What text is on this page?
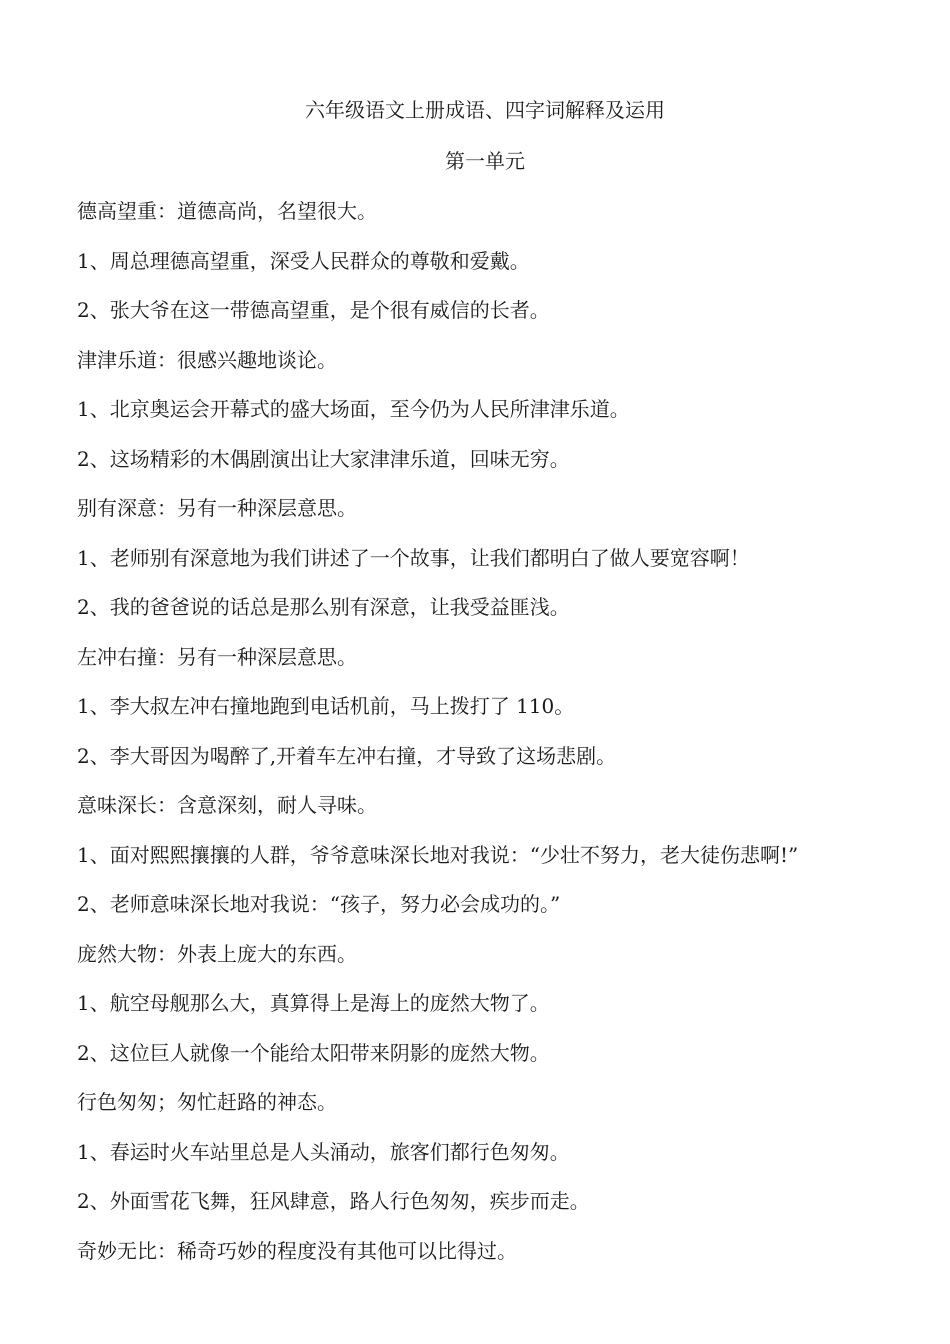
六年级语文上册成语、四字词解释及运用
第一单元
德高望重：道德高尚，名望很大。
1、周总理德高望重，深受人民群众的尊敬和爱戴。
2、张大爷在这一带德高望重，是个很有威信的长者。
津津乐道：很感兴趣地谈论。
1、北京奥运会开幕式的盛大场面，至今仍为人民所津津乐道。
2、这场精彩的木偶剧演出让大家津津乐道，回味无穷。
别有深意：另有一种深层意思。
1、老师别有深意地为我们讲述了一个故事，让我们都明白了做人要宽容啊！
2、我的爸爸说的话总是那么别有深意，让我受益匪浅。
左冲右撞：另有一种深层意思。
1、李大叔左冲右撞地跑到电话机前，马上拨打了 110。
2、李大哥因为喝醉了,开着车左冲右撞，才导致了这场悲剧。
意味深长：含意深刻，耐人寻味。
1、面对熙熙攘攘的人群，爷爷意味深长地对我说：“少壮不努力，老大徒伤悲啊!”
2、老师意味深长地对我说：“孩子，努力必会成功的。”
庞然大物：外表上庞大的东西。
1、航空母舰那么大，真算得上是海上的庞然大物了。
2、这位巨人就像一个能给太阳带来阴影的庞然大物。
行色匆匆；匆忙赶路的神态。
1、春运时火车站里总是人头涌动，旅客们都行色匆匆。
2、外面雪花飞舞，狂风肆意，路人行色匆匆，疾步而走。
奇妙无比：稀奇巧妙的程度没有其他可以比得过。
